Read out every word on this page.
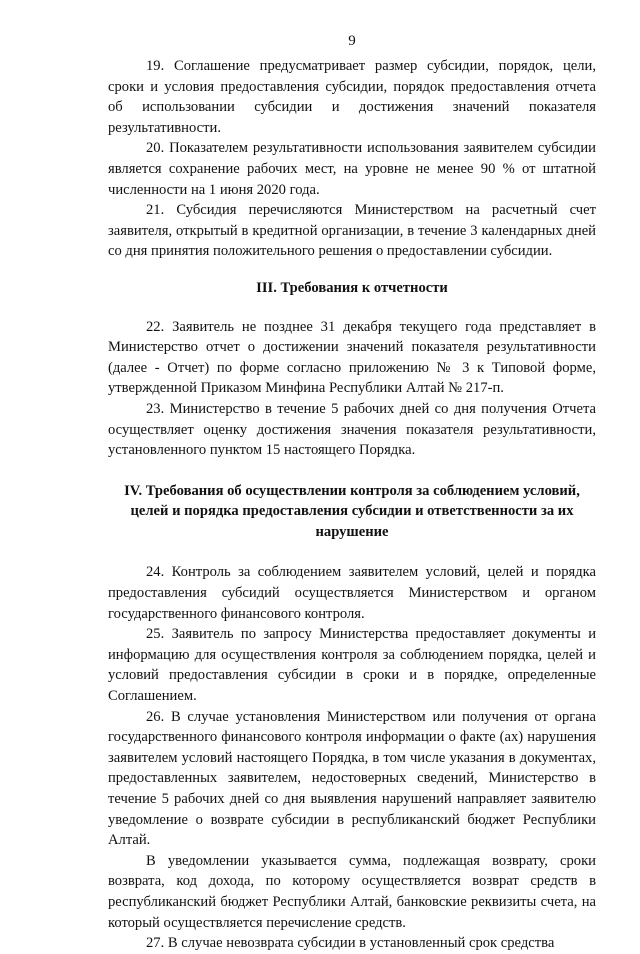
9

19. Соглашение предусматривает размер субсидии, порядок, цели, сроки и условия предоставления субсидии, порядок предоставления отчета об использовании субсидии и достижения значений показателя результативности.

20. Показателем результативности использования заявителем субсидии является сохранение рабочих мест, на уровне не менее 90 % от штатной численности на 1 июня 2020 года.

21. Субсидия перечисляются Министерством на расчетный счет заявителя, открытый в кредитной организации, в течение 3 календарных дней со дня принятия положительного решения о предоставлении субсидии.

III. Требования к отчетности

22. Заявитель не позднее 31 декабря текущего года представляет в Министерство отчет о достижении значений показателя результативности (далее - Отчет) по форме согласно приложению № 3 к Типовой форме, утвержденной Приказом Минфина Республики Алтай № 217-п.

23. Министерство в течение 5 рабочих дней со дня получения Отчета осуществляет оценку достижения значения показателя результативности, установленного пунктом 15 настоящего Порядка.

IV. Требования об осуществлении контроля за соблюдением условий,
целей и порядка предоставления субсидии и ответственности за их
нарушение

24. Контроль за соблюдением заявителем условий, целей и порядка предоставления субсидий осуществляется Министерством и органом государственного финансового контроля.

25. Заявитель по запросу Министерства предоставляет документы и информацию для осуществления контроля за соблюдением порядка, целей и условий предоставления субсидии в сроки и в порядке, определенные Соглашением.

26. В случае установления Министерством или получения от органа государственного финансового контроля информации о факте (ах) нарушения заявителем условий настоящего Порядка, в том числе указания в документах, предоставленных заявителем, недостоверных сведений, Министерство в течение 5 рабочих дней со дня выявления нарушений направляет заявителю уведомление о возврате субсидии в республиканский бюджет Республики Алтай.

В уведомлении указывается сумма, подлежащая возврату, сроки возврата, код дохода, по которому осуществляется возврат средств в республиканский бюджет Республики Алтай, банковские реквизиты счета, на который осуществляется перечисление средств.

27. В случае невозврата субсидии в установленный срок средства
